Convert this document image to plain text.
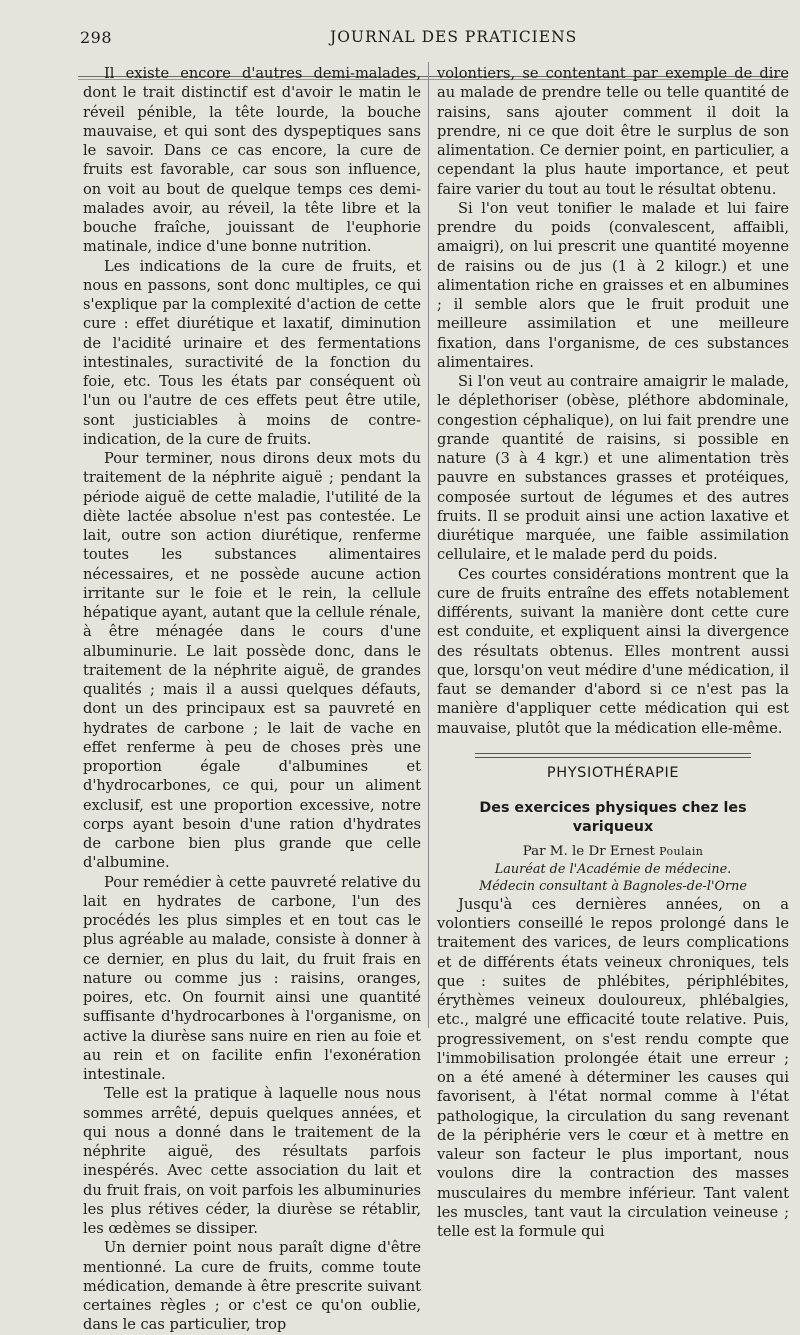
298	JOURNAL DES PRATICIENS

Il existe encore d'autres demi-malades, dont le trait distinctif est d'avoir le matin le réveil pénible, la tête lourde, la bouche mauvaise, et qui sont des dyspeptiques sans le savoir. Dans ce cas encore, la cure de fruits est favorable, car sous son influence, on voit au bout de quelque temps ces demi-malades avoir, au réveil, la tête libre et la bouche fraîche, jouissant de l'euphorie matinale, indice d'une bonne nutrition.

Les indications de la cure de fruits, et nous en passons, sont donc multiples, ce qui s'explique par la complexité d'action de cette cure : effet diurétique et laxatif, diminution de l'acidité urinaire et des fermentations intestinales, suractivité de la fonction du foie, etc. Tous les états par conséquent où l'un ou l'autre de ces effets peut être utile, sont justiciables à moins de contre-indication, de la cure de fruits.

Pour terminer, nous dirons deux mots du traitement de la néphrite aiguë ; pendant la période aiguë de cette maladie, l'utilité de la diète lactée absolue n'est pas contestée. Le lait, outre son action diurétique, renferme toutes les substances alimentaires nécessaires, et ne possède aucune action irritante sur le foie et le rein, la cellule hépatique ayant, autant que la cellule rénale, à être ménagée dans le cours d'une albuminurie. Le lait possède donc, dans le traitement de la néphrite aiguë, de grandes qualités ; mais il a aussi quelques défauts, dont un des principaux est sa pauvreté en hydrates de carbone ; le lait de vache en effet renferme à peu de choses près une proportion égale d'albumines et d'hydrocarbones, ce qui, pour un aliment exclusif, est une proportion excessive, notre corps ayant besoin d'une ration d'hydrates de carbone bien plus grande que celle d'albumine.

Pour remédier à cette pauvreté relative du lait en hydrates de carbone, l'un des procédés les plus simples et en tout cas le plus agréable au malade, consiste à donner à ce dernier, en plus du lait, du fruit frais en nature ou comme jus : raisins, oranges, poires, etc. On fournit ainsi une quantité suffisante d'hydrocarbones à l'organisme, on active la diurèse sans nuire en rien au foie et au rein et on facilite enfin l'exonération intestinale.

Telle est la pratique à laquelle nous nous sommes arrêté, depuis quelques années, et qui nous a donné dans le traitement de la néphrite aiguë, des résultats parfois inespérés. Avec cette association du lait et du fruit frais, on voit parfois les albuminuries les plus rétives céder, la diurèse se rétablir, les œdèmes se dissiper.

Un dernier point nous paraît digne d'être mentionné. La cure de fruits, comme toute médication, demande à être prescrite suivant certaines règles ; or c'est ce qu'on oublie, dans le cas particulier, trop

volontiers, se contentant par exemple de dire au malade de prendre telle ou telle quantité de raisins, sans ajouter comment il doit la prendre, ni ce que doit être le surplus de son alimentation. Ce dernier point, en particulier, a cependant la plus haute importance, et peut faire varier du tout au tout le résultat obtenu.

Si l'on veut tonifier le malade et lui faire prendre du poids (convalescent, affaibli, amaigri), on lui prescrit une quantité moyenne de raisins ou de jus (1 à 2 kilogr.) et une alimentation riche en graisses et en albumines ; il semble alors que le fruit produit une meilleure assimilation et une meilleure fixation, dans l'organisme, de ces substances alimentaires.

Si l'on veut au contraire amaigrir le malade, le déplethoriser (obèse, pléthore abdominale, congestion céphalique), on lui fait prendre une grande quantité de raisins, si possible en nature (3 à 4 kgr.) et une alimentation très pauvre en substances grasses et protéiques, composée surtout de légumes et des autres fruits. Il se produit ainsi une action laxative et diurétique marquée, une faible assimilation cellulaire, et le malade perd du poids.

Ces courtes considérations montrent que la cure de fruits entraîne des effets notablement différents, suivant la manière dont cette cure est conduite, et expliquent ainsi la divergence des résultats obtenus. Elles montrent aussi que, lorsqu'on veut médire d'une médication, il faut se demander d'abord si ce n'est pas la manière d'appliquer cette médication qui est mauvaise, plutôt que la médication elle-même.

PHYSIOTHÉRAPIE
Des exercices physiques chez les variqueux
Par M. le Dr Ernest Poulain
Lauréat de l'Académie de médecine.
Médecin consultant à Bagnoles-de-l'Orne

Jusqu'à ces dernières années, on a volontiers conseillé le repos prolongé dans le traitement des varices, de leurs complications et de différents états veineux chroniques, tels que : suites de phlébites, périphlébites, érythèmes veineux douloureux, phlébalgies, etc., malgré une efficacité toute relative. Puis, progressivement, on s'est rendu compte que l'immobilisation prolongée était une erreur ; on a été amené à déterminer les causes qui favorisent, à l'état normal comme à l'état pathologique, la circulation du sang revenant de la périphérie vers le cœur et à mettre en valeur son facteur le plus important, nous voulons dire la contraction des masses musculaires du membre inférieur. Tant valent les muscles, tant vaut la circulation veineuse ; telle est la formule qui
